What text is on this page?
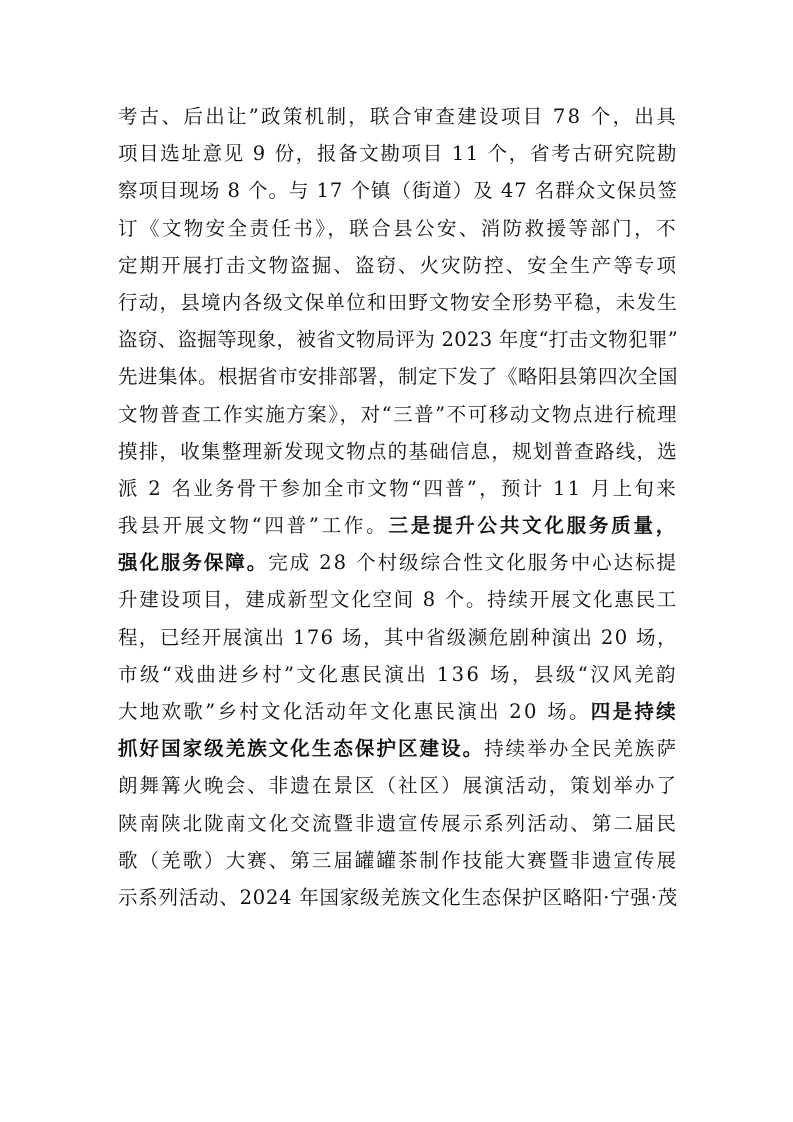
考古、后出让”政策机制，联合审查建设项目 78 个，出具
项目选址意见 9 份，报备文勘项目 11 个，省考古研究院勘
察项目现场 8 个。与 17 个镇（街道）及 47 名群众文保员签
订《文物安全责任书》，联合县公安、消防救援等部门，不
定期开展打击文物盗掘、盗窃、火灾防控、安全生产等专项
行动，县境内各级文保单位和田野文物安全形势平稳，未发生
盗窃、盗掘等现象，被省文物局评为 2023 年度“打击文物犯罪”
先进集体。根据省市安排部署，制定下发了《略阳县第四次全国
文物普查工作实施方案》，对“三普”不可移动文物点进行梳理
摸排，收集整理新发现文物点的基础信息，规划普查路线，选
派 2 名业务骨干参加全市文物“四普”，预计 11 月上旬来
我县开展文物“四普”工作。三是提升公共文化服务质量，
强化服务保障。完成 28 个村级综合性文化服务中心达标提
升建设项目，建成新型文化空间 8 个。持续开展文化惠民工
程，已经开展演出 176 场，其中省级濒危剧种演出 20 场，
市级“戏曲进乡村”文化惠民演出 136 场，县级“汉风羌韵
大地欢歌”乡村文化活动年文化惠民演出 20 场。四是持续
抓好国家级羌族文化生态保护区建设。持续举办全民羌族萨
朗舞篝火晚会、非遗在景区（社区）展演活动，策划举办了
陕南陕北陇南文化交流暨非遗宣传展示系列活动、第二届民
歌（羌歌）大赛、第三届罐罐茶制作技能大赛暨非遗宣传展
示系列活动、2024 年国家级羌族文化生态保护区略阳·宁强·茂
